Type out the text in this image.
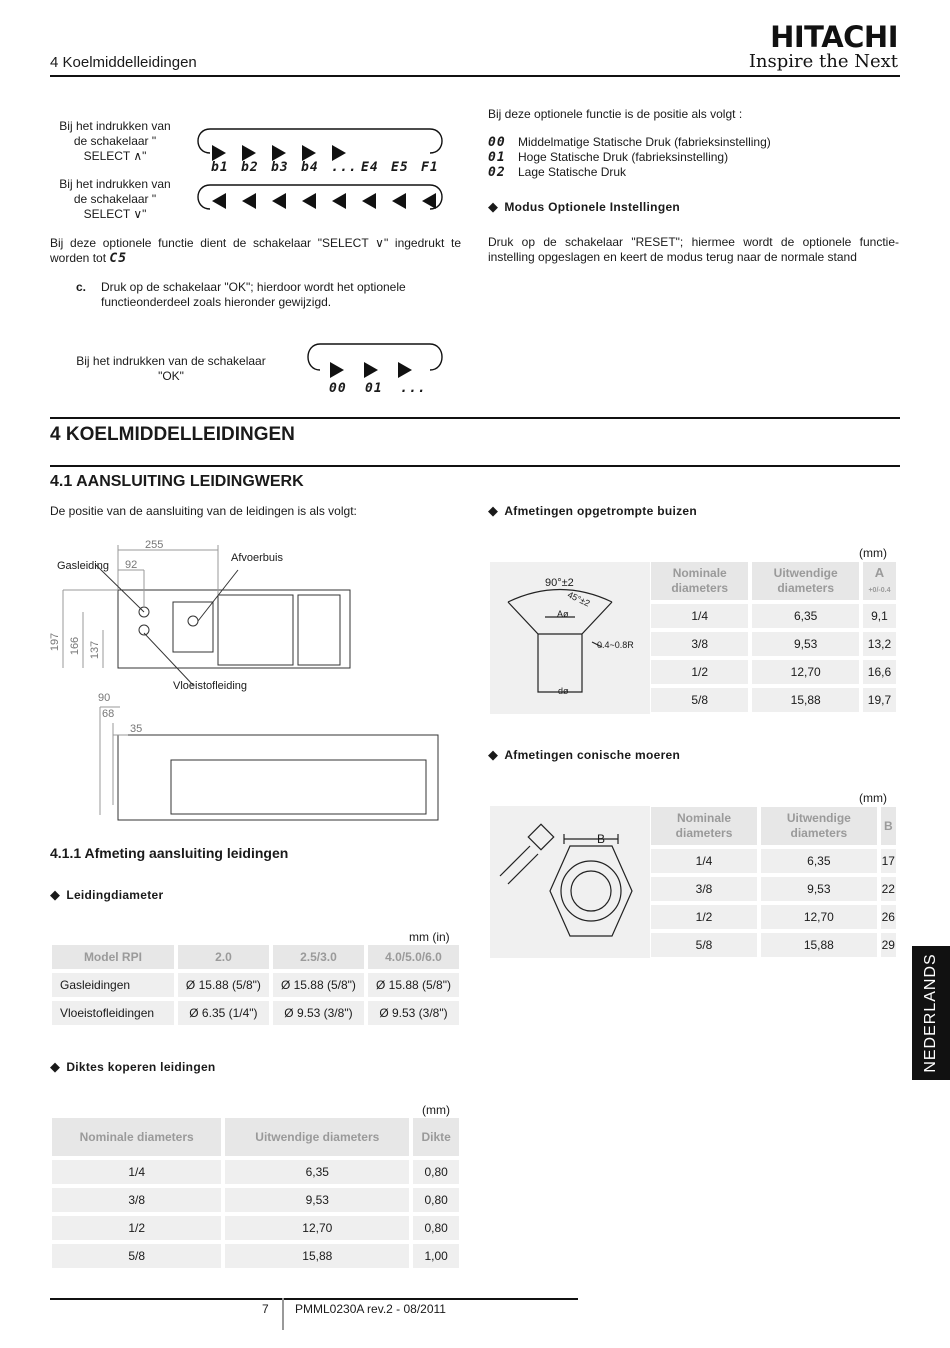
4 Koelmiddelleidingen
HITACHI
Inspire the Next
Bij het indrukken van de schakelaar " SELECT ∧"
Bij het indrukken van de schakelaar " SELECT ∨"
b1 b2 b3 b4 ... E4 E5 F1
Bij deze optionele functie dient de schakelaar "SELECT ∨" ingedrukt te worden tot C5
c. Druk op de schakelaar "OK"; hierdoor wordt het optionele functieonderdeel zoals hieronder gewijzigd.
Bij het indrukken van de schakelaar "OK"
00 01 ...
Bij deze optionele functie is de positie als volgt :
00 Middelmatige Statische Druk (fabrieksinstelling)
01 Hoge Statische Druk (fabrieksinstelling)
02 Lage Statische Druk
◆ Modus Optionele Instellingen
Druk op de schakelaar "RESET"; hiermee wordt de optionele functie-instelling opgeslagen en keert de modus terug naar de normale stand
4 KOELMIDDELLEIDINGEN
4.1 AANSLUITING LEIDINGWERK
De positie van de aansluiting van de leidingen is als volgt:
255
92
197 166 137
90
68
35
Gasleiding
Afvoerbuis
Vloeistofleiding
4.1.1 Afmeting aansluiting leidingen
◆ Leidingdiameter
mm (in)
Model RPI	2.0	2.5/3.0	4.0/5.0/6.0
Gasleidingen	Ø 15.88 (5/8")	Ø 15.88 (5/8")	Ø 15.88 (5/8")
Vloeistofleidingen	Ø 6.35 (1/4")	Ø 9.53 (3/8")	Ø 9.53 (3/8")
◆ Diktes koperen leidingen
(mm)
Nominale diameters	Uitwendige diameters	Dikte
1/4	6,35	0,80
3/8	9,53	0,80
1/2	12,70	0,80
5/8	15,88	1,00
◆ Afmetingen opgetrompte buizen
(mm)
90°±2
45°±2
Aø
0.4~0.8R
dø
Nominale diameters	Uitwendige diameters	A +0/-0.4
1/4	6,35	9,1
3/8	9,53	13,2
1/2	12,70	16,6
5/8	15,88	19,7
◆ Afmetingen conische moeren
(mm)
B
Nominale diameters	Uitwendige diameters	B
1/4	6,35	17
3/8	9,53	22
1/2	12,70	26
5/8	15,88	29
NEDERLANDS
7 PMML0230A rev.2 - 08/2011
